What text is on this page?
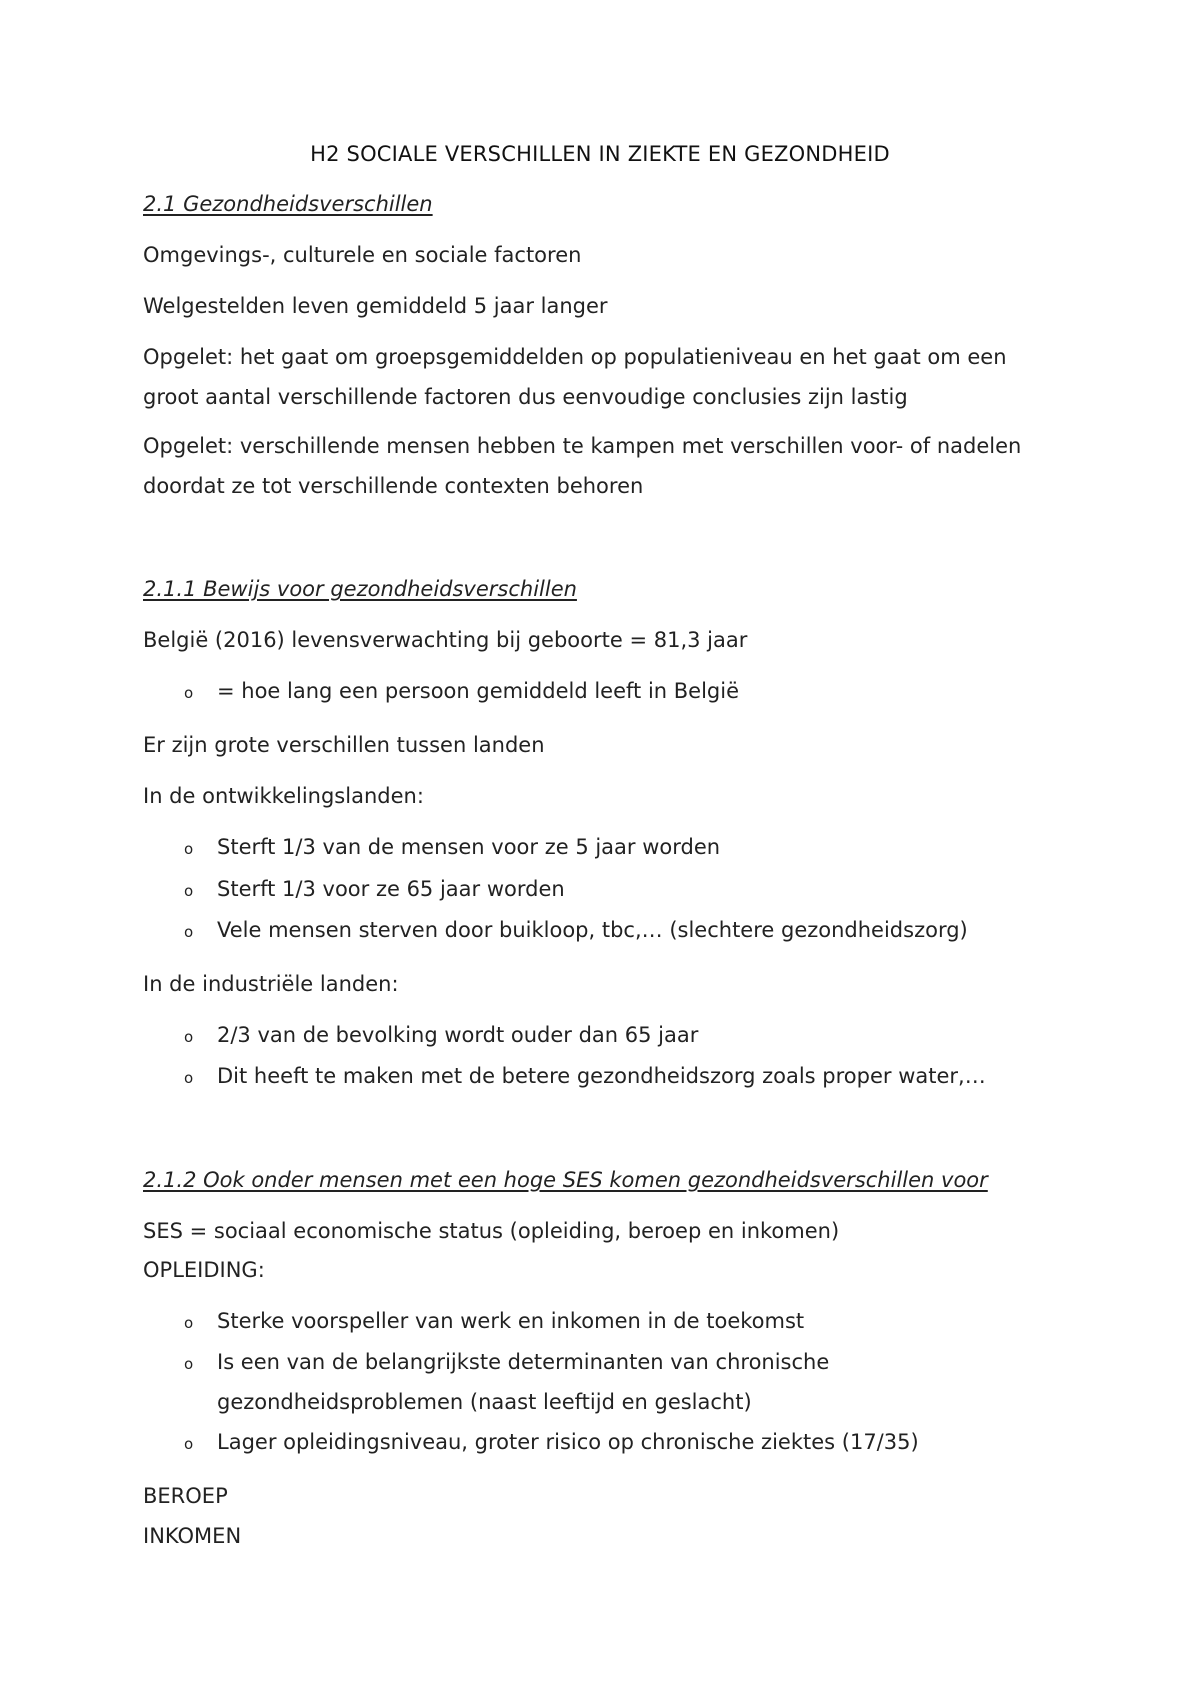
H2 SOCIALE VERSCHILLEN IN ZIEKTE EN GEZONDHEID
2.1 Gezondheidsverschillen
Omgevings-, culturele en sociale factoren
Welgestelden leven gemiddeld 5 jaar langer
Opgelet: het gaat om groepsgemiddelden op populatieniveau en het gaat om een
groot aantal verschillende factoren dus eenvoudige conclusies zijn lastig
Opgelet: verschillende mensen hebben te kampen met verschillen voor- of nadelen
doordat ze tot verschillende contexten behoren
2.1.1 Bewijs voor gezondheidsverschillen
België (2016) levensverwachting bij geboorte = 81,3 jaar
o = hoe lang een persoon gemiddeld leeft in België
Er zijn grote verschillen tussen landen
In de ontwikkelingslanden:
o Sterft 1/3 van de mensen voor ze 5 jaar worden
o Sterft 1/3 voor ze 65 jaar worden
o Vele mensen sterven door buikloop, tbc,… (slechtere gezondheidszorg)
In de industriële landen:
o 2/3 van de bevolking wordt ouder dan 65 jaar
o Dit heeft te maken met de betere gezondheidszorg zoals proper water,…
2.1.2 Ook onder mensen met een hoge SES komen gezondheidsverschillen voor
SES = sociaal economische status (opleiding, beroep en inkomen)
OPLEIDING:
o Sterke voorspeller van werk en inkomen in de toekomst
o Is een van de belangrijkste determinanten van chronische
gezondheidsproblemen (naast leeftijd en geslacht)
o Lager opleidingsniveau, groter risico op chronische ziektes (17/35)
BEROEP
INKOMEN
